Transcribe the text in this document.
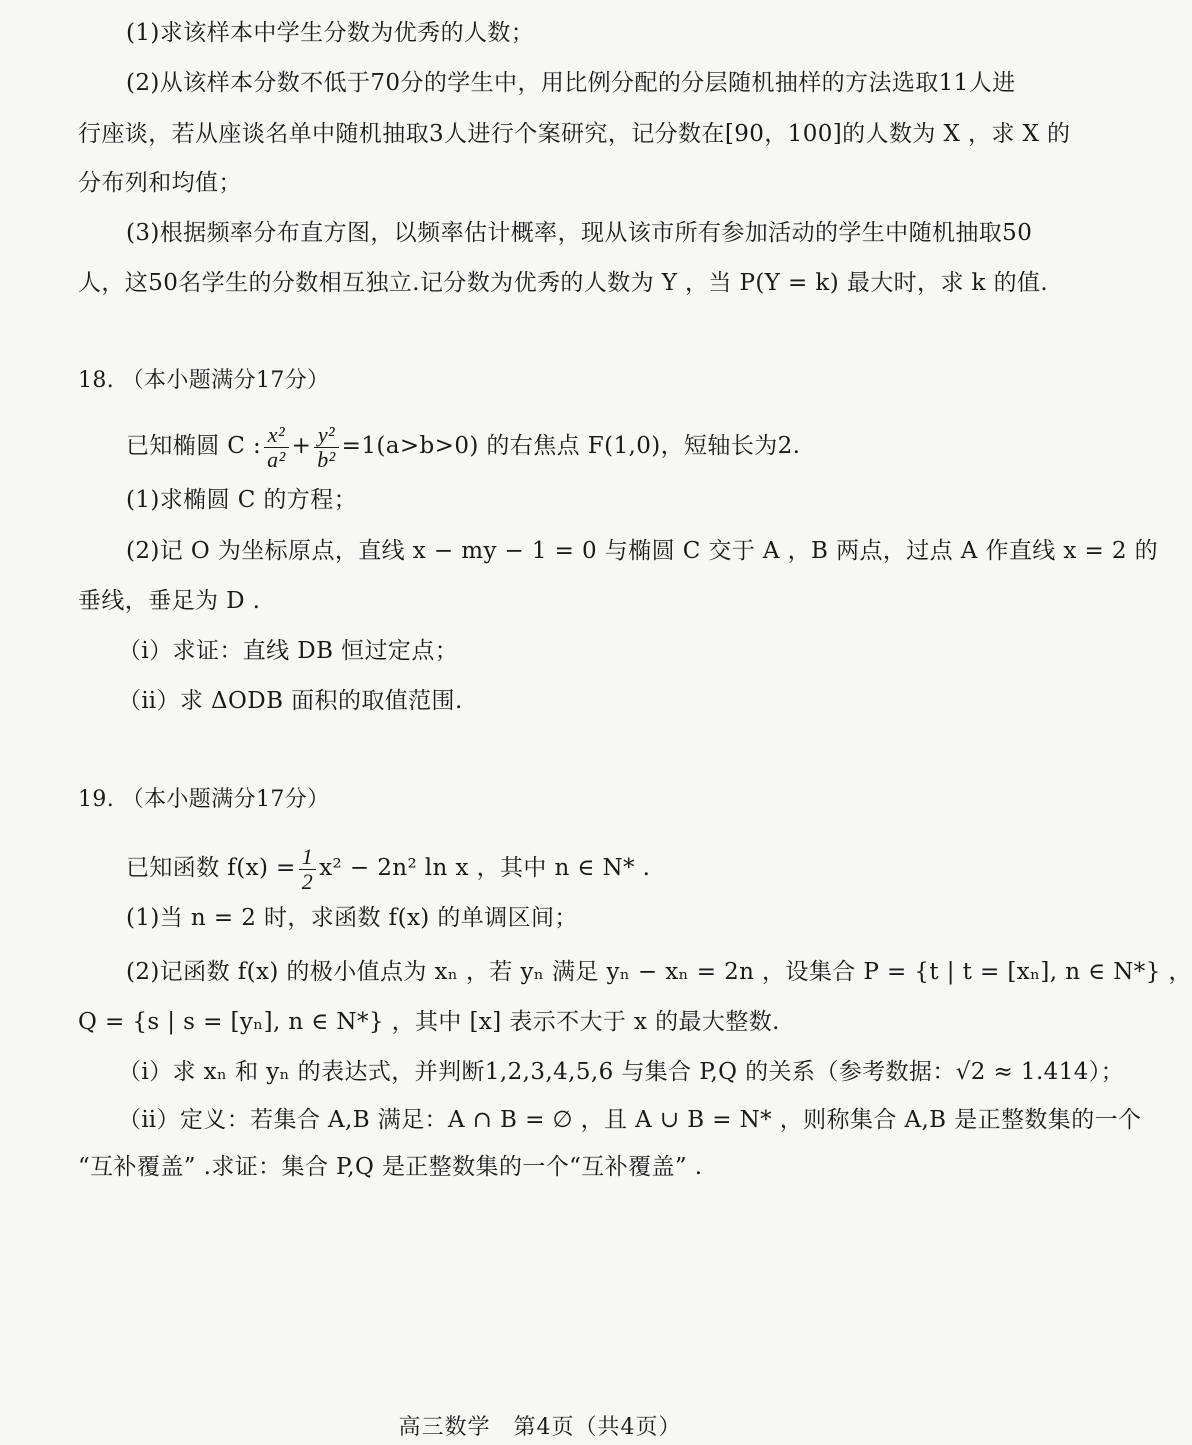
(1)求该样本中学生分数为优秀的人数；
(2)从该样本分数不低于70分的学生中，用比例分配的分层随机抽样的方法选取11人进
行座谈，若从座谈名单中随机抽取3人进行个案研究，记分数在[90，100]的人数为 X ，求 X 的
分布列和均值；
(3)根据频率分布直方图，以频率估计概率，现从该市所有参加活动的学生中随机抽取50
人，这50名学生的分数相互独立.记分数为优秀的人数为 Y ，当 P(Y = k) 最大时，求 k 的值.
18. （本小题满分17分）
已知椭圆 C : $\frac{\text{x²}}{\text{a²}} + \frac{\text{y²}}{\text{b²}} =1(a>b>0)$ 的右焦点 F(1,0)，短轴长为2.
(1)求椭圆 C 的方程；
(2)记 O 为坐标原点，直线 x − my − 1 = 0 与椭圆 C 交于 A ，B 两点，过点 A 作直线 x = 2 的
垂线，垂足为 D .
（ⅰ）求证：直线 DB 恒过定点；
（ⅱ）求 ΔODB 面积的取值范围.
19. （本小题满分17分）
已知函数 $f(x) = \frac{1}{2} x^2 - 2n^2$ ln x ，其中 n ∈ N* .
(1)当 n = 2 时，求函数 f(x) 的单调区间；
(2)记函数 f(x) 的极小值点为 xₙ ，若 yₙ 满足 yₙ − xₙ = 2n ，设集合 P = {t | t = [xₙ], n ∈ N*} ，
Q = {s | s = [yₙ], n ∈ N*} ，其中 [x] 表示不大于 x 的最大整数.
（ⅰ）求 xₙ 和 yₙ 的表达式，并判断1,2,3,4,5,6 与集合 P,Q 的关系（参考数据：√2 ≈ 1.414）；
（ⅱ）定义：若集合 A,B 满足：A ∩ B = ∅ ，且 A ∪ B = N* ，则称集合 A,B 是正整数集的一个
“互补覆盖” .求证：集合 P,Q 是正整数集的一个“互补覆盖” .
高三数学　第4页（共4页）
